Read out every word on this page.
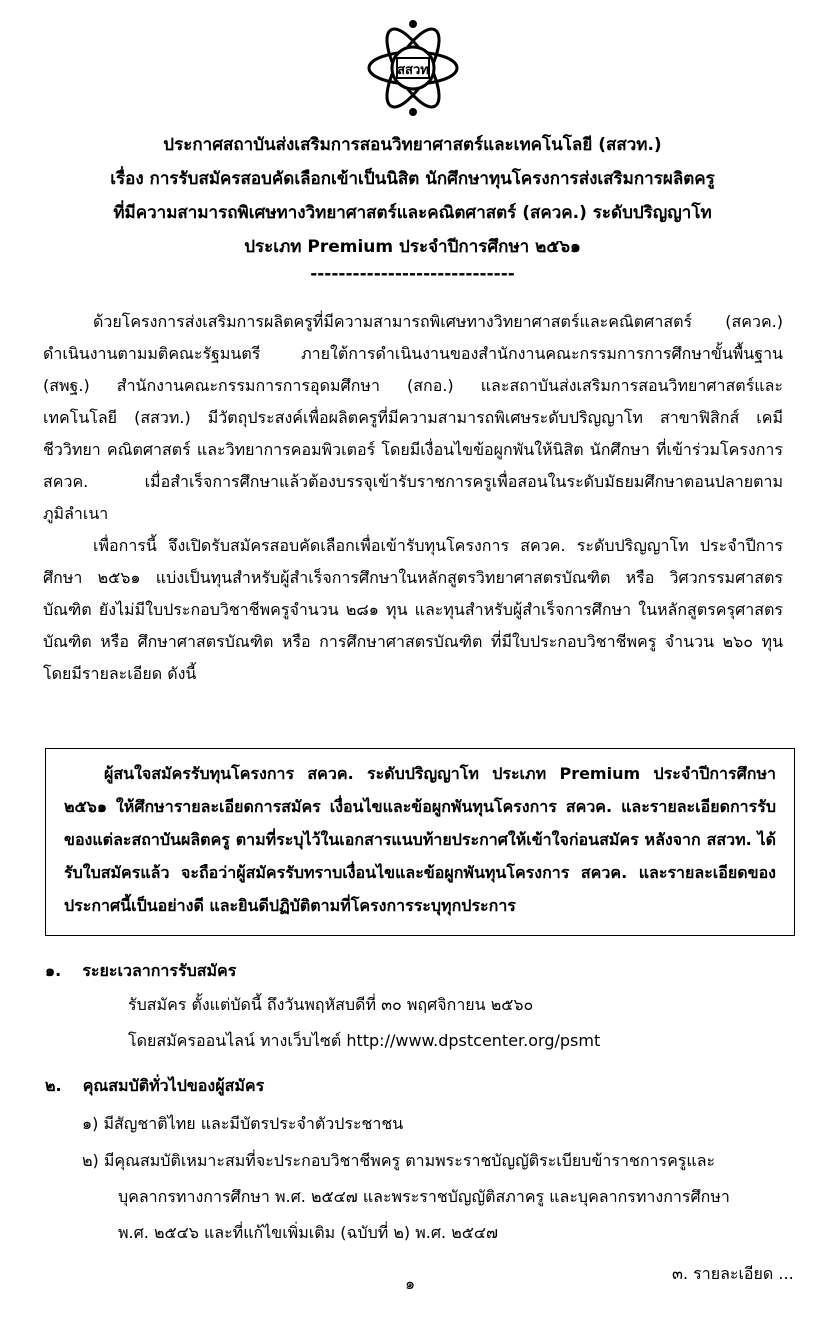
สสวท
ประกาศสถาบันส่งเสริมการสอนวิทยาศาสตร์และเทคโนโลยี (สสวท.)
เรื่อง การรับสมัครสอบคัดเลือกเข้าเป็นนิสิต นักศึกษาทุนโครงการส่งเสริมการผลิตครู
ที่มีความสามารถพิเศษทางวิทยาศาสตร์และคณิตศาสตร์ (สควค.) ระดับปริญญาโท
ประเภท Premium ประจำปีการศึกษา ๒๕๖๑
-----------------------------

ด้วยโครงการส่งเสริมการผลิตครูที่มีความสามารถพิเศษทางวิทยาศาสตร์และคณิตศาสตร์ (สควค.) ดำเนินงานตามมติคณะรัฐมนตรี ภายใต้การดำเนินงานของสำนักงานคณะกรรมการการศึกษาขั้นพื้นฐาน (สพฐ.) สำนักงานคณะกรรมการการอุดมศึกษา (สกอ.) และสถาบันส่งเสริมการสอนวิทยาศาสตร์และเทคโนโลยี (สสวท.) มีวัตถุประสงค์เพื่อผลิตครูที่มีความสามารถพิเศษระดับปริญญาโท สาขาฟิสิกส์ เคมี ชีววิทยา คณิตศาสตร์ และวิทยาการคอมพิวเตอร์ โดยมีเงื่อนไขข้อผูกพันให้นิสิต นักศึกษา ที่เข้าร่วมโครงการ สควค. เมื่อสำเร็จการศึกษาแล้วต้องบรรจุเข้ารับราชการครูเพื่อสอนในระดับมัธยมศึกษาตอนปลายตามภูมิลำเนา

เพื่อการนี้ จึงเปิดรับสมัครสอบคัดเลือกเพื่อเข้ารับทุนโครงการ สควค. ระดับปริญญาโท ประจำปีการศึกษา ๒๕๖๑ แบ่งเป็นทุนสำหรับผู้สำเร็จการศึกษาในหลักสูตรวิทยาศาสตรบัณฑิต หรือ วิศวกรรมศาสตรบัณฑิต ยังไม่มีใบประกอบวิชาชีพครูจำนวน ๒๘๑ ทุน และทุนสำหรับผู้สำเร็จการศึกษา ในหลักสูตรครุศาสตรบัณฑิต หรือ ศึกษาศาสตรบัณฑิต หรือ การศึกษาศาสตรบัณฑิต ที่มีใบประกอบวิชาชีพครู จำนวน ๒๖๐ ทุน โดยมีรายละเอียด ดังนี้

ผู้สนใจสมัครรับทุนโครงการ สควค. ระดับปริญญาโท ประเภท Premium ประจำปีการศึกษา ๒๕๖๑ ให้ศึกษารายละเอียดการสมัคร เงื่อนไขและข้อผูกพันทุนโครงการ สควค. และรายละเอียดการรับของแต่ละสถาบันผลิตครู ตามที่ระบุไว้ในเอกสารแนบท้ายประกาศให้เข้าใจก่อนสมัคร หลังจาก สสวท. ได้รับใบสมัครแล้ว จะถือว่าผู้สมัครรับทราบเงื่อนไขและข้อผูกพันทุนโครงการ สควค. และรายละเอียดของประกาศนี้เป็นอย่างดี และยินดีปฏิบัติตามที่โครงการระบุทุกประการ
๑. ระยะเวลาการรับสมัคร
รับสมัคร ตั้งแต่บัดนี้ ถึงวันพฤหัสบดีที่ ๓๐ พฤศจิกายน ๒๕๖๐
โดยสมัครออนไลน์ ทางเว็บไซต์ http://www.dpstcenter.org/psmt
๒. คุณสมบัติทั่วไปของผู้สมัคร
๑) มีสัญชาติไทย และมีบัตรประจำตัวประชาชน
๒) มีคุณสมบัติเหมาะสมที่จะประกอบวิชาชีพครู ตามพระราชบัญญัติระเบียบข้าราชการครูและ
บุคลากรทางการศึกษา พ.ศ. ๒๕๔๗ และพระราชบัญญัติสภาครู และบุคลากรทางการศึกษา
พ.ศ. ๒๕๔๖ และที่แก้ไขเพิ่มเติม (ฉบับที่ ๒) พ.ศ. ๒๕๔๗
๓. รายละเอียด ...
๑
